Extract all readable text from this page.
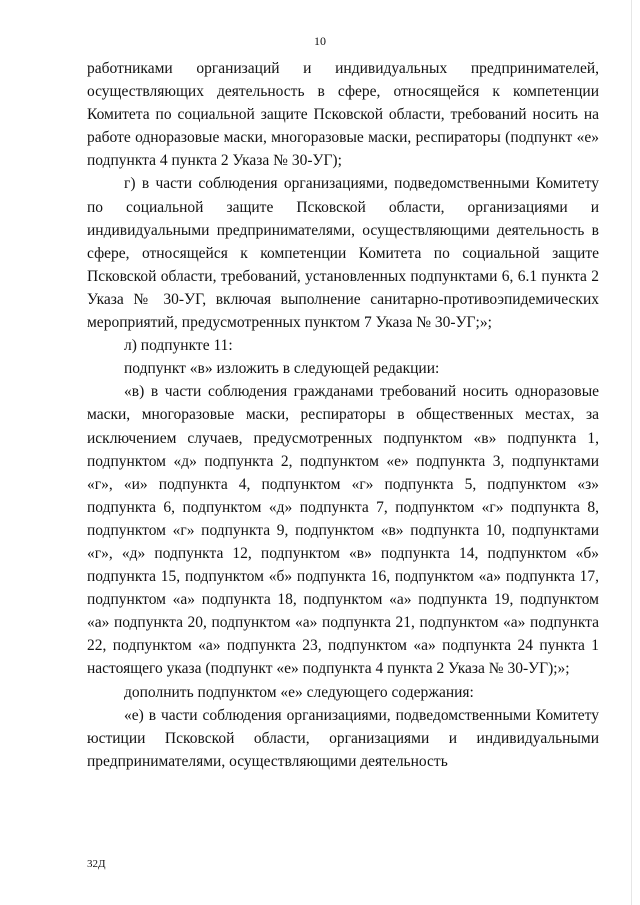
10

работниками организаций и индивидуальных предпринимателей, осуществляющих деятельность в сфере, относящейся к компетенции Комитета по социальной защите Псковской области, требований носить на работе одноразовые маски, многоразовые маски, респираторы (подпункт «е» подпункта 4 пункта 2 Указа № 30-УГ);

г) в части соблюдения организациями, подведомственными Комитету по социальной защите Псковской области, организациями и индивидуальными предпринимателями, осуществляющими деятельность в сфере, относящейся к компетенции Комитета по социальной защите Псковской области, требований, установленных подпунктами 6, 6.1 пункта 2 Указа № 30-УГ, включая выполнение санитарно-противоэпидемических мероприятий, предусмотренных пунктом 7 Указа № 30-УГ;»;

л) подпункте 11:

подпункт «в» изложить в следующей редакции:

«в) в части соблюдения гражданами требований носить одноразовые маски, многоразовые маски, респираторы в общественных местах, за исключением случаев, предусмотренных подпунктом «в» подпункта 1, подпунктом «д» подпункта 2, подпунктом «е» подпункта 3, подпунктами «г», «и» подпункта 4, подпунктом «г» подпункта 5, подпунктом «з» подпункта 6, подпунктом «д» подпункта 7, подпунктом «г» подпункта 8, подпунктом «г» подпункта 9, подпунктом «в» подпункта 10, подпунктами «г», «д» подпункта 12, подпунктом «в» подпункта 14, подпунктом «б» подпункта 15, подпунктом «б» подпункта 16, подпунктом «а» подпункта 17, подпунктом «а» подпункта 18, подпунктом «а» подпункта 19, подпунктом «а» подпункта 20, подпунктом «а» подпункта 21, подпунктом «а» подпункта 22, подпунктом «а» подпункта 23, подпунктом «а» подпункта 24 пункта 1 настоящего указа (подпункт «е» подпункта 4 пункта 2 Указа № 30-УГ);»;

дополнить подпунктом «е» следующего содержания:

«е) в части соблюдения организациями, подведомственными Комитету юстиции Псковской области, организациями и индивидуальными предпринимателями, осуществляющими деятельность

32Д
